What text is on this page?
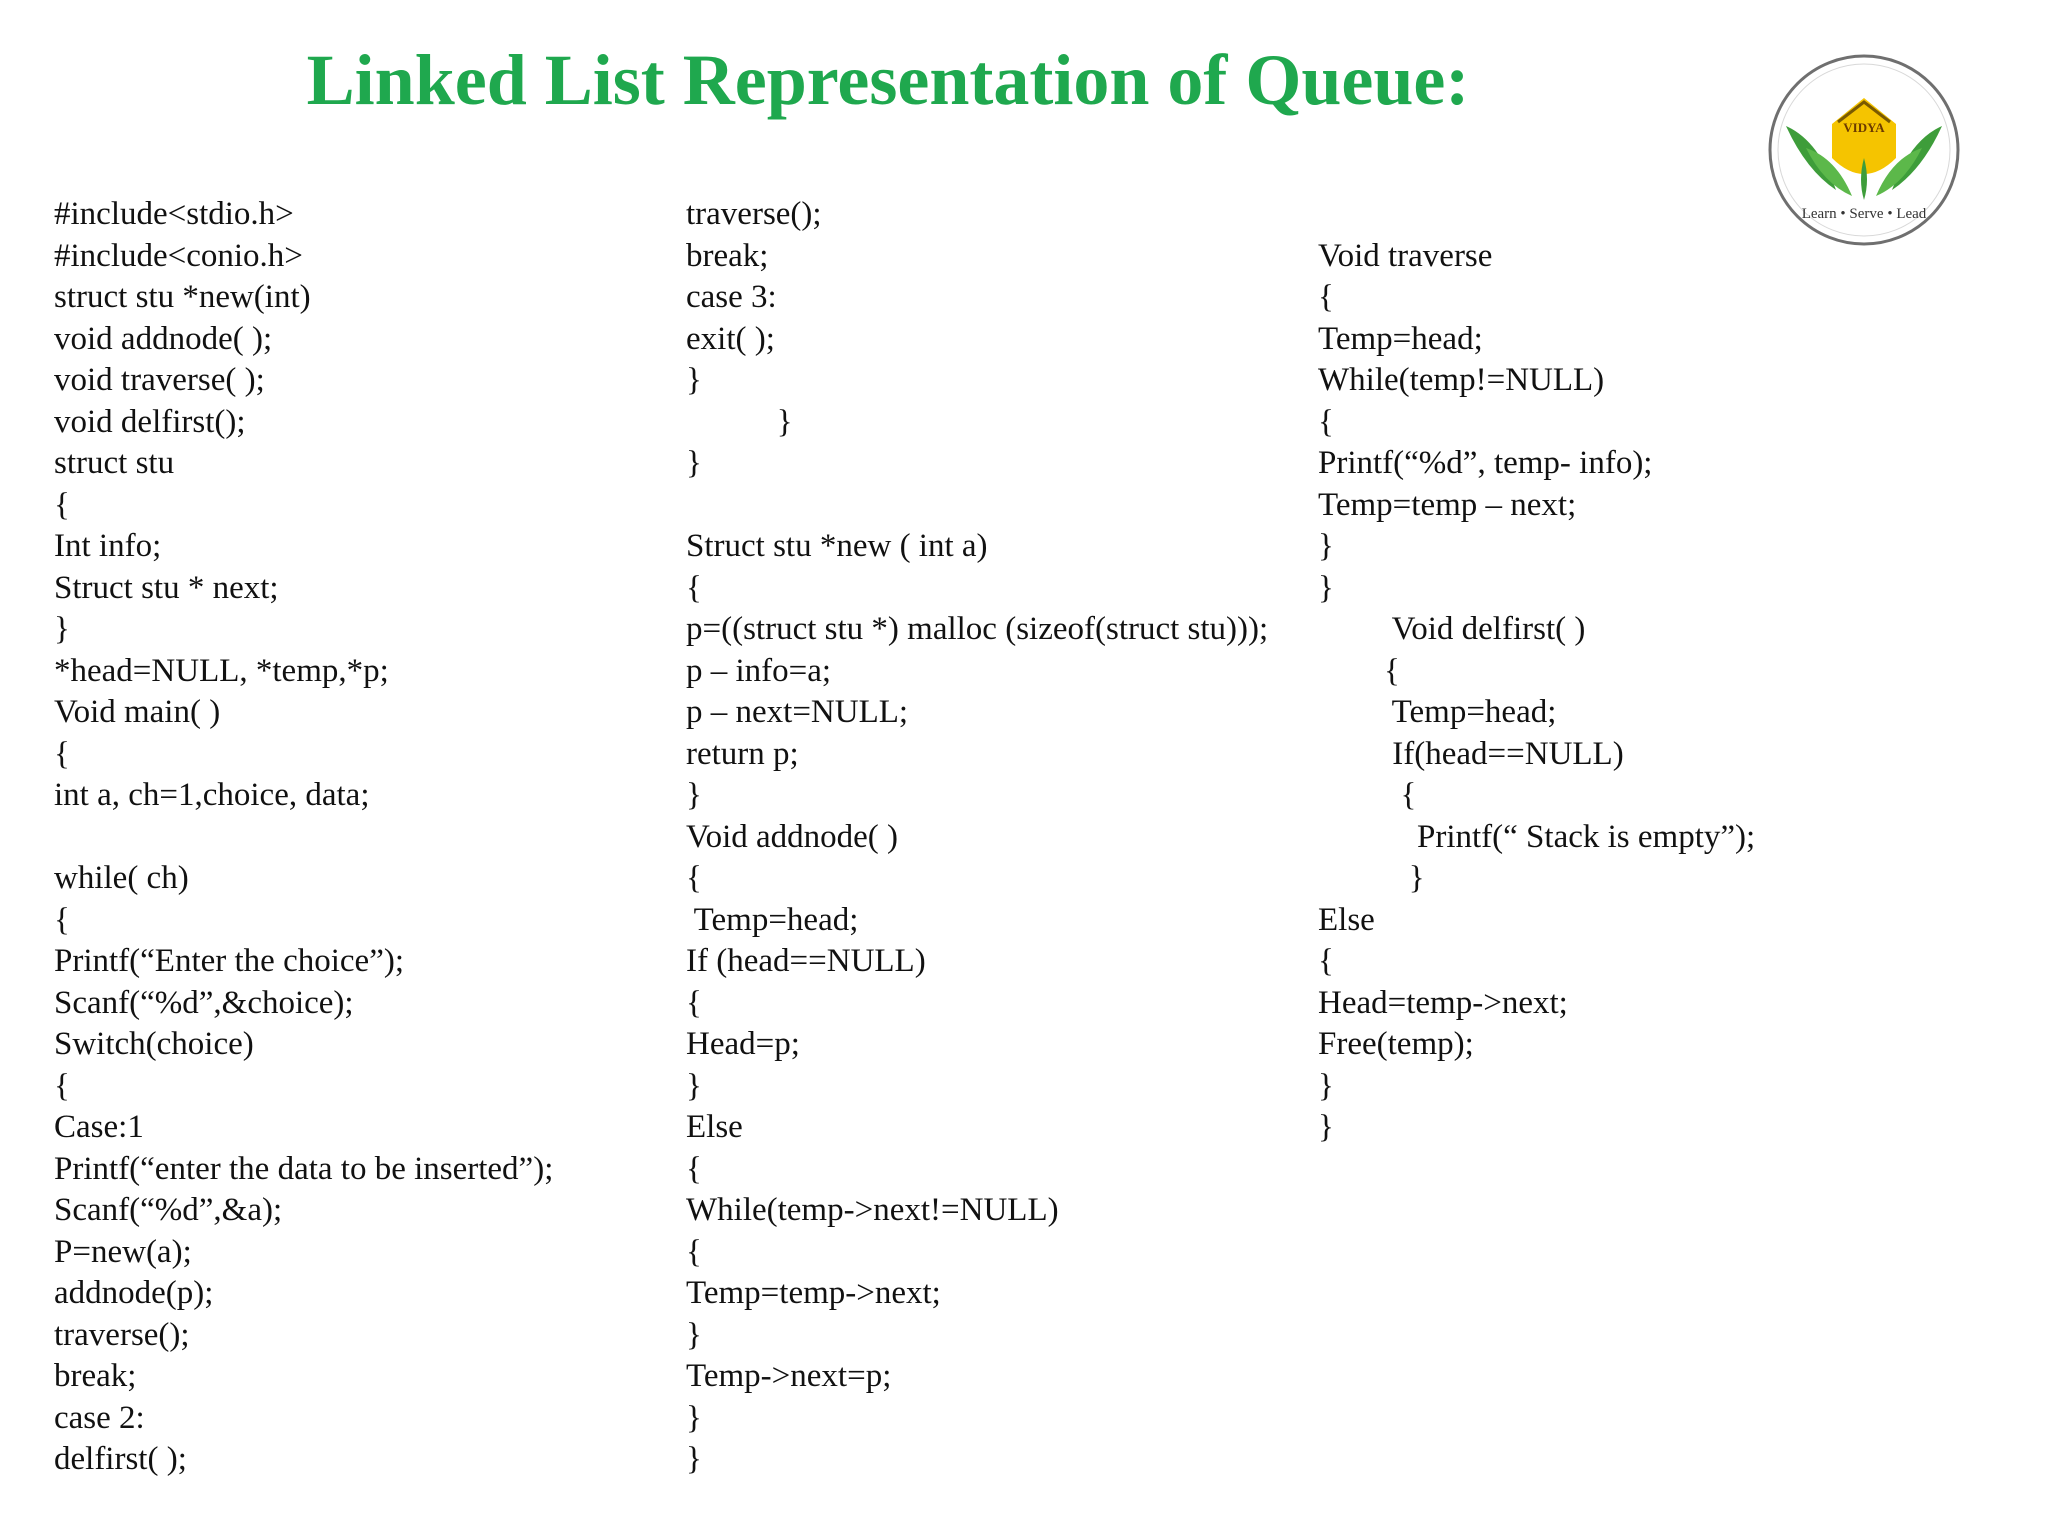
Linked List Representation of Queue:
#include<stdio.h>
#include<conio.h>
struct stu *new(int)
void addnode( );
void traverse( );
void delfirst();
struct stu
{
Int info;
Struct stu * next;
}
*head=NULL, *temp,*p;
Void main( )
{
int a, ch=1,choice, data;
while( ch)
{
Printf(“Enter the choice”);
Scanf(“%d”,&choice);
Switch(choice)
{
Case:1
Printf(“enter the data to be inserted”);
Scanf(“%d”,&a);
P=new(a);
addnode(p);
traverse();
break;
case 2:
delfirst( );
traverse();
break;
case 3:
exit( );
}
}
}
Struct stu *new ( int a)
{
p=((struct stu *) malloc (sizeof(struct stu)));
p – info=a;
p – next=NULL;
return p;
}
Void addnode( )
{
Temp=head;
If (head==NULL)
{
Head=p;
}
Else
{
While(temp->next!=NULL)
{
Temp=temp->next;
}
Temp->next=p;
}
}
Void traverse
{
Temp=head;
While(temp!=NULL)
{
Printf(“%d”, temp- info);
Temp=temp – next;
}
}
Void delfirst( )
{
Temp=head;
If(head==NULL)
{
Printf(“ Stack is empty”);
}
Else
{
Head=temp->next;
Free(temp);
}
}
VIDYA
Learn • Serve • Lead
